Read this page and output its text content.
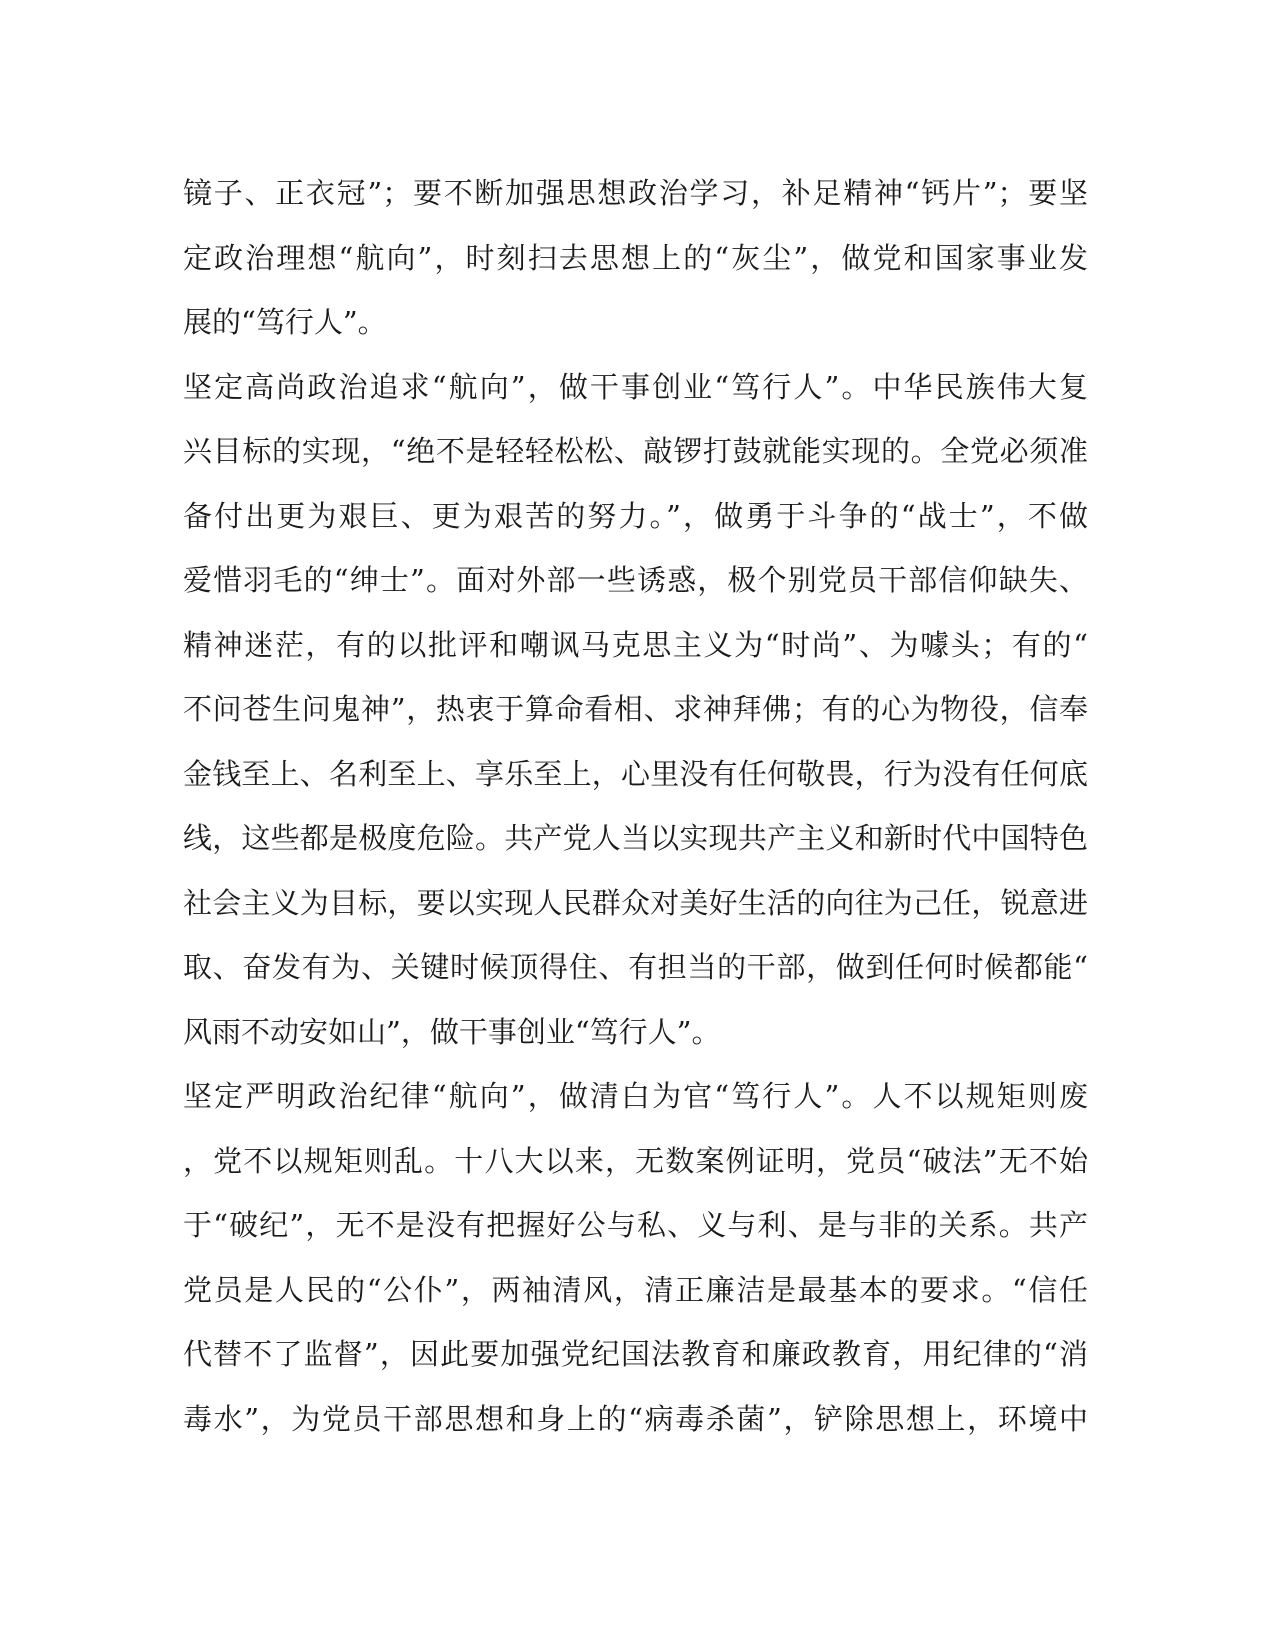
镜子、正衣冠”；要不断加强思想政治学习，补足精神“钙片”；要坚
定政治理想“航向”，时刻扫去思想上的“灰尘”，做党和国家事业发
展的“笃行人”。
坚定高尚政治追求“航向”，做干事创业“笃行人”。中华民族伟大复
兴目标的实现，“绝不是轻轻松松、敲锣打鼓就能实现的。全党必须准
备付出更为艰巨、更为艰苦的努力。”，做勇于斗争的“战士”，不做
爱惜羽毛的“绅士”。面对外部一些诱惑，极个别党员干部信仰缺失、
精神迷茫，有的以批评和嘲讽马克思主义为“时尚”、为噱头；有的“
不问苍生问鬼神”，热衷于算命看相、求神拜佛；有的心为物役，信奉
金钱至上、名利至上、享乐至上，心里没有任何敬畏，行为没有任何底
线，这些都是极度危险。共产党人当以实现共产主义和新时代中国特色
社会主义为目标，要以实现人民群众对美好生活的向往为己任，锐意进
取、奋发有为、关键时候顶得住、有担当的干部，做到任何时候都能“
风雨不动安如山”，做干事创业“笃行人”。
坚定严明政治纪律“航向”，做清白为官“笃行人”。人不以规矩则废
，党不以规矩则乱。十八大以来，无数案例证明，党员“破法”无不始
于“破纪”，无不是没有把握好公与私、义与利、是与非的关系。共产
党员是人民的“公仆”，两袖清风，清正廉洁是最基本的要求。“信任
代替不了监督”，因此要加强党纪国法教育和廉政教育，用纪律的“消
毒水”，为党员干部思想和身上的“病毒杀菌”，铲除思想上，环境中
